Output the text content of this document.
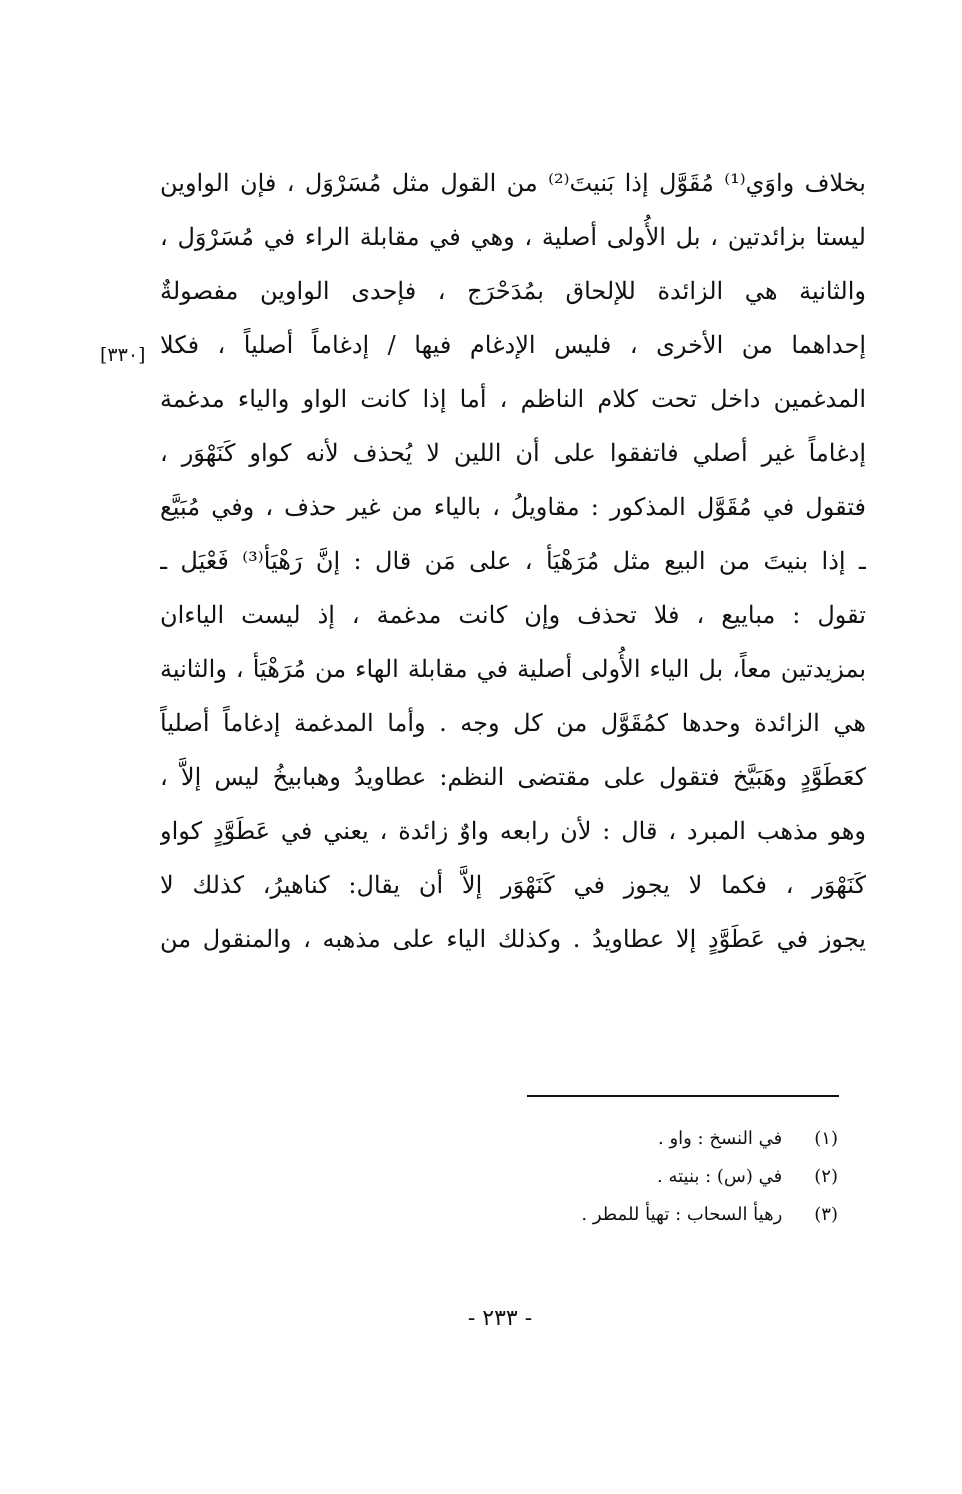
بخلاف واوَي⁽¹⁾ مُقَوَّل إذا بَنيتَ⁽²⁾ من القول مثل مُسَرْوَل ، فإن الواوين
ليستا بزائدتين ، بل الأُولى أصلية ، وهي في مقابلة الراء في مُسَرْوَل ،
والثانية هي الزائدة للإلحاق بمُدَحْرَج ، فإحدى الواوين مفصولةٌ
إحداهما من الأخرى ، فليس الإدغام فيها / إدغاماً أصلياً ، فكلا
المدغمين داخل تحت كلام الناظم ، أما إذا كانت الواو والياء مدغمة
إدغاماً غير أصلي فاتفقوا على أن اللين لا يُحذف لأنه كواو كَنَهْوَر ،
فتقول في مُقَوَّل المذكور : مقاويلُ ، بالياء من غير حذف ، وفي مُبَيَّع
ـ إذا بنيتَ من البيع مثل مُرَهْيَأ ، على مَن قال : إنَّ رَهْيَأ⁽³⁾ فَعْيَل ـ
تقول : مباييع ، فلا تحذف وإن كانت مدغمة ، إذ ليست الياءان
بمزيدتين معاً، بل الياء الأُولى أصلية في مقابلة الهاء من مُرَهْيَأ ، والثانية
هي الزائدة وحدها كمُقَوَّل من كل وجه . وأما المدغمة إدغاماً أصلياً
كعَطَوَّدٍ وهَبَيَّخ فتقول على مقتضى النظم: عطاويدُ وهبابيخُ ليس إلاَّ ،
وهو مذهب المبرد ، قال : لأن رابعه واوٌ زائدة ، يعني في عَطَوَّدٍ كواو
كَنَهْوَر ، فكما لا يجوز في كَنَهْوَر إلاَّ أن يقال: كناهيرُ، كذلك لا
يجوز في عَطَوَّدٍ إلا عطاويدُ . وكذلك الياء على مذهبه ، والمنقول من
[٣٣٠]
(١) في النسخ : واو .
(٢) في (س) : بنيته .
(٣) رهيأ السحاب : تهيأ للمطر .
- ٢٣٣ -
